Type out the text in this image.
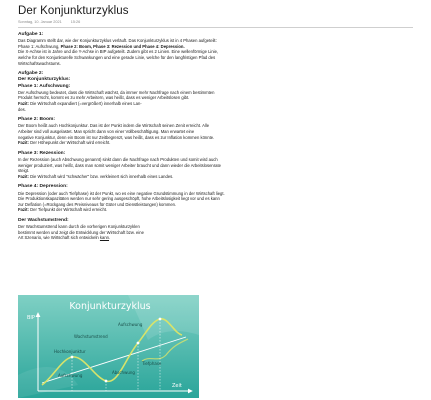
Der Konjunkturzyklus
Sonntag, 10. Januar 2021 15:26
Aufgabe 1:

Das Diagramm stellt dar, wie der Konjunkturzyklus verläuft. Das Konjunkturzyklus ist in 4 Phasen aufgeteilt:

Phase 1: Aufschwung, Phase 2: Boom, Phase 3: Rezession und Phase 4: Depression.

Die X-Achse ist in Jahre und die Y-Achse in BIP aufgeteilt. Zudem gibt es 2 Linien. Eine wellenförmige Linie,

welche für den Konjunkturelle Schwankungen und eine gerade Linie, welche für den langfristigen Pfad des

Wirtschaftswachstums.

Aufgabe 2:
Der Konjunkturzyklus:
Phase 1: Aufschwung:

Der Aufschwung bedeutet, dass die Wirtschaft wächst, da immer mehr Nachfrage nach einem bestimmten

Produkt herrscht, kommt es zu mehr Arbeitern, was heißt, dass es weniger Arbeitslosen gibt.

Fazit: Die Wirtschaft expandiert (=vergrößert) innerhalb eines Lan-

des.

Phase 2: Boom:

Der Boom heißt auch Hochkonjunktur. Das ist der Punkt indem die Wirtschaft seinen Zenit erreicht. Alle

Arbeiter sind voll ausgelastet. Man spricht dann von einer Vollbeschäftigung. Man erwartet eine

negative Konjunktur, denn ein Boom ist nur Zeitbegrenzt, was heißt, dass es zur Inflation kommen könnte.

Fazit: Der Höhepunkt der Wirtschaft wird erreicht.

Phase 3: Rezession:

In der Rezession (auch Abschwung genannt) sinkt dann die Nachfrage nach Produkten und somit wird auch

weniger produziert, was heißt, dass man somit weniger Arbeiter braucht und dann wieder die Arbeitslosenrate

steigt.

Fazit: Die Wirtschaft wird "schwächer" bzw. verkleinert sich innerhalb eines Landes.

Phase 4: Depression:

Die Depression (oder auch Tiefphase) ist der Punkt, wo es eine negative Grundstimmung in der Wirtschaft liegt.

Die Produktionskapazitäten werden nur sehr gering ausgeschöpft, hohe Arbeitslosigkeit liegt vor und es kann

zur Deflation (=Rückgang des Preisniveaus für Güter und Dienstleistungen) kommen.

Fazit: Der Tiefpunkt der Wirtschaft wird erreicht.

Der Wachstumstrend:

Der Wachstumstrend kann durch die vorherigen Konjunkturzyklen

bestimmt werden und zeigt die Entwicklung der Wirtschaft bzw. eine

Art Szenario, wie Wirtschaft sich entwickeln kann.

Konjunkturzyklus
BIP
Zeit
Aufschwung
Wachstumstrend
Hochkonjunktur
Tiefphase
Abschwung
Aufschwung
